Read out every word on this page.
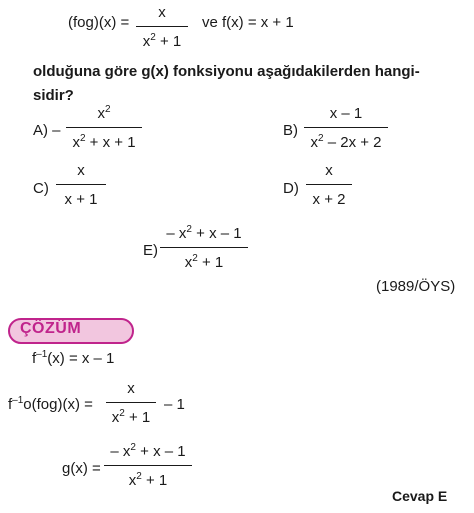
(fog)(x) =
x
$x^2 + 1$
ve f(x) = x + 1
olduğuna göre g(x) fonksiyonu aşağıdakilerden hangi-
sidir?
A) –
$x^2$
$x^2 + x + 1$
B)
x – 1
$x^2 - 2x + 2$
C)
x
x + 1
D)
x
x + 2
E)
– $x^2 + x - 1$
$x^2 + 1$
(1989/ÖYS)
ÇÖZÜM
$f^{-1}(x) = x - 1$
$f^{-1}o(fog)(x)$ =
x
$x^2 + 1$
– 1
g(x) =
– $x^2 + x - 1$
$x^2 + 1$
Cevap E
